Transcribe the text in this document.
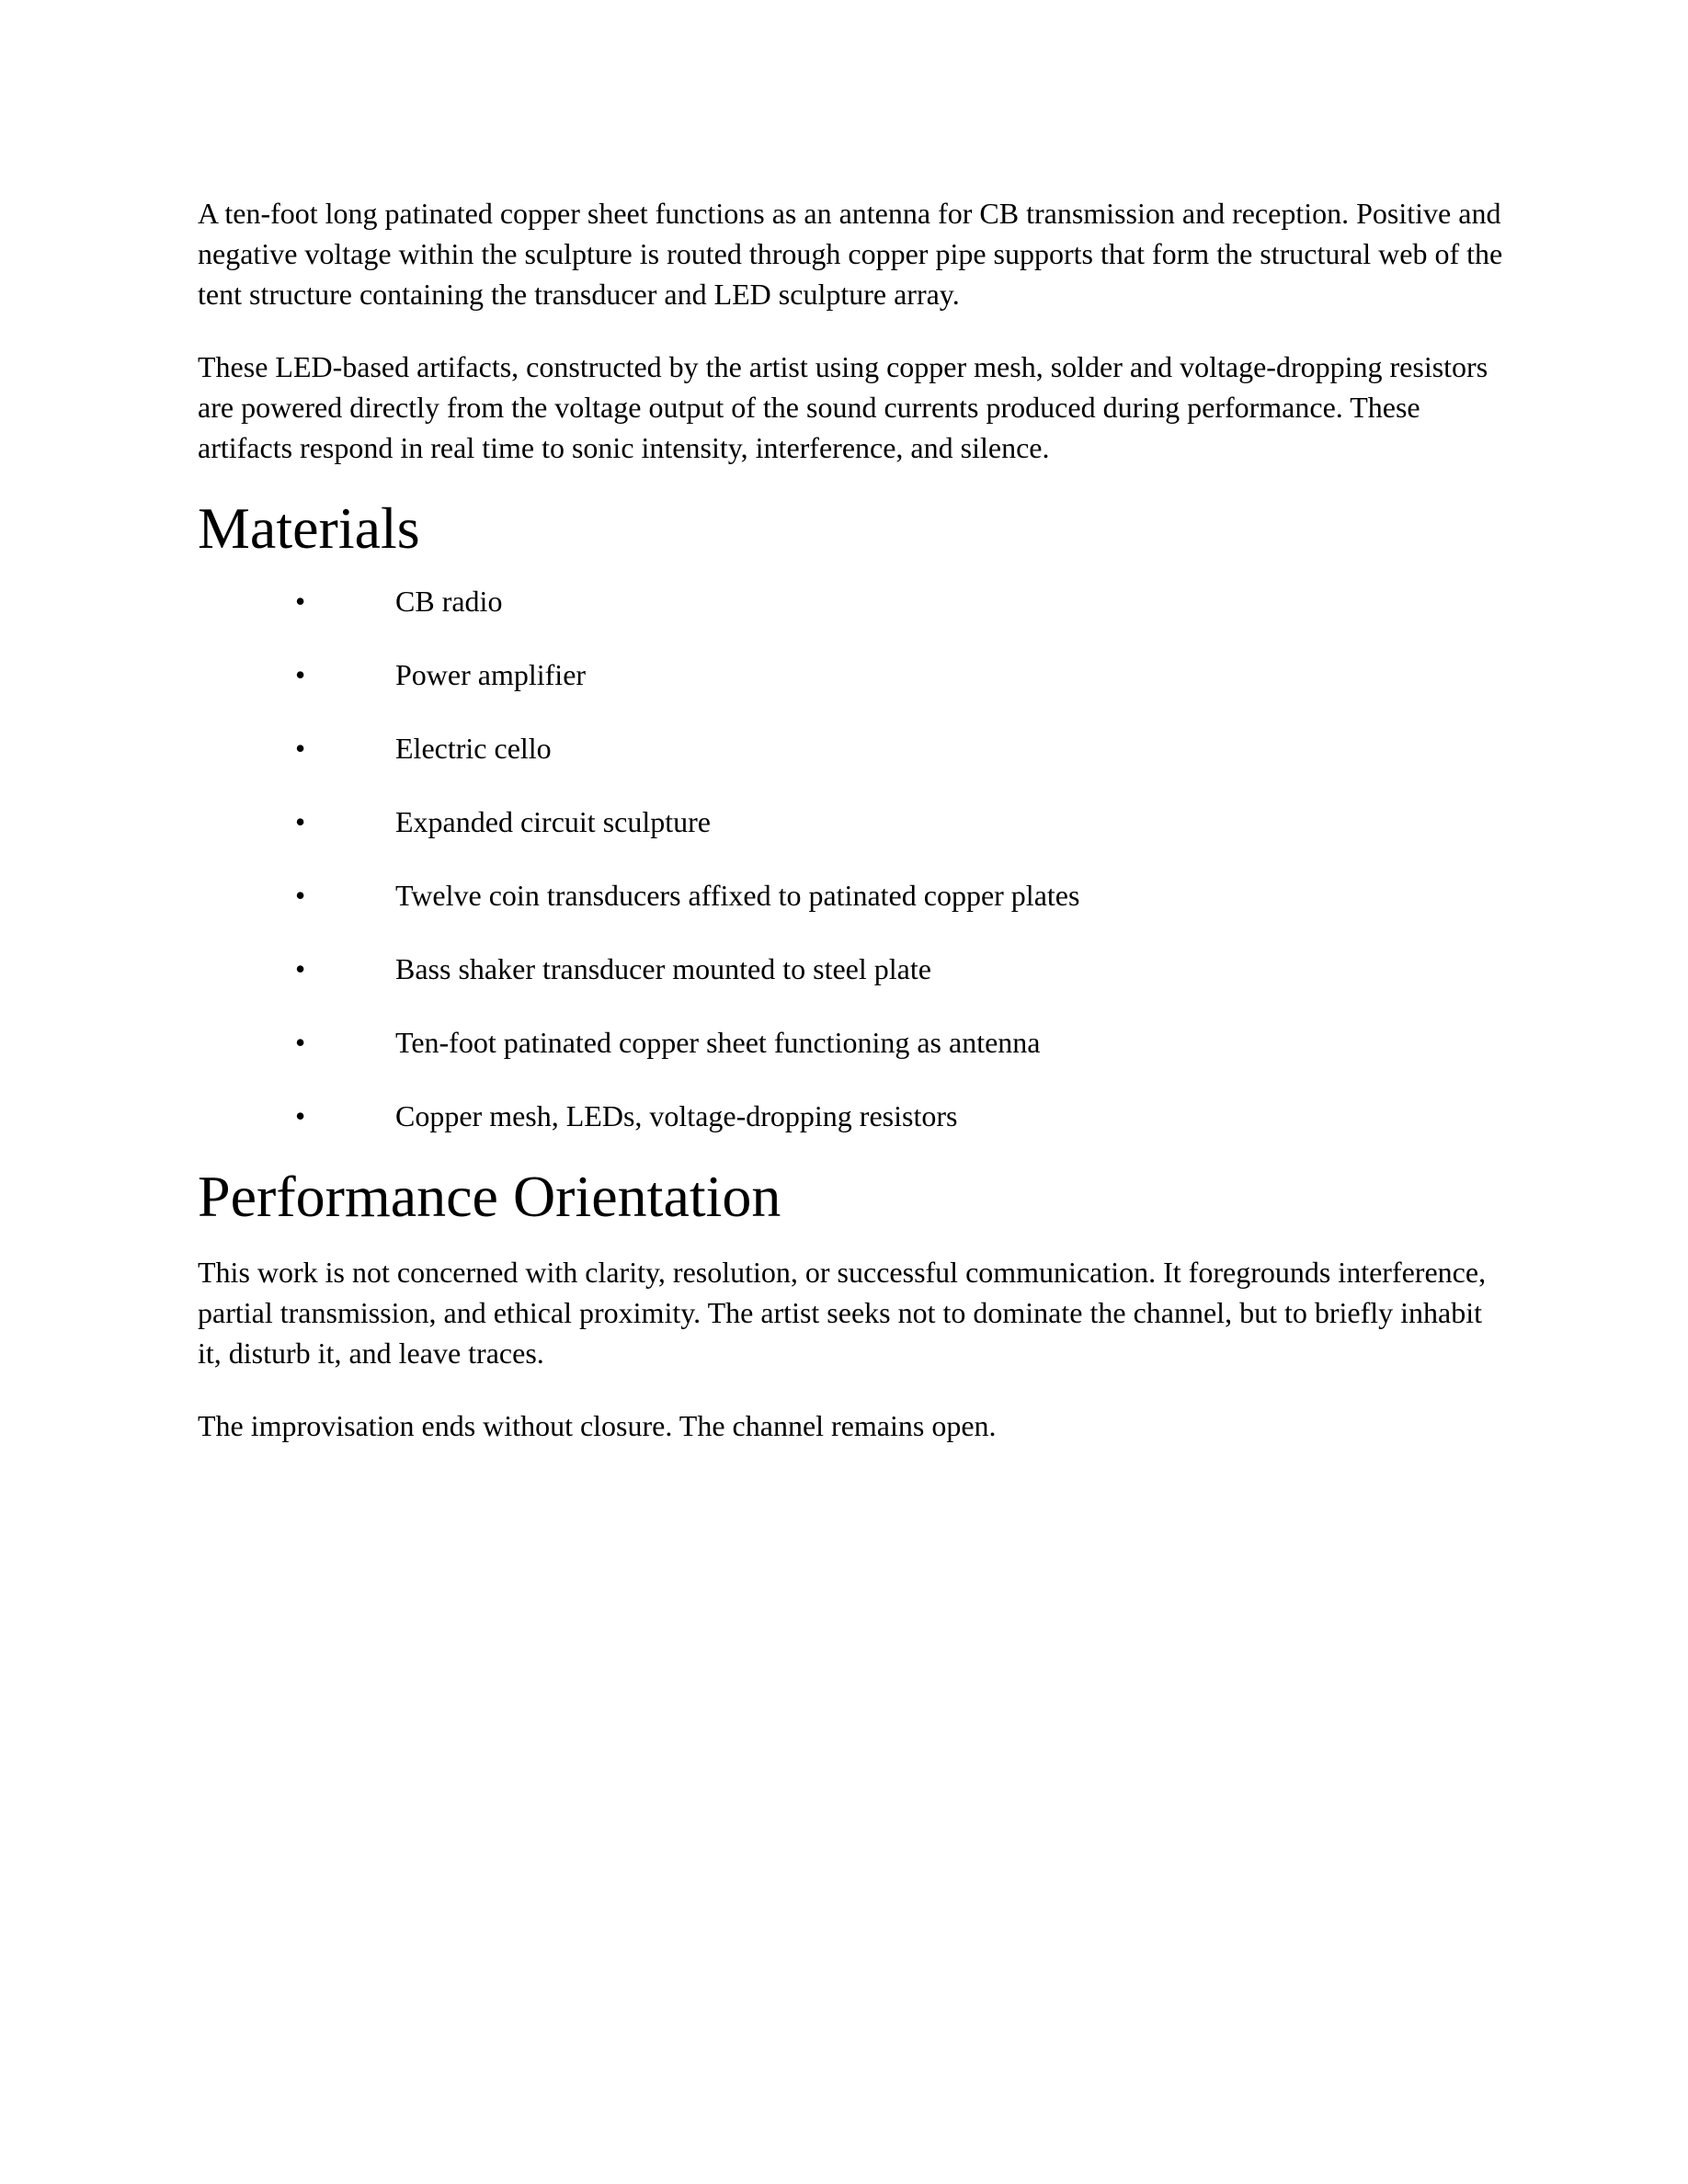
A ten-foot long patinated copper sheet functions as an antenna for CB transmission and reception. Positive and negative voltage within the sculpture is routed through copper pipe supports that form the structural web of the tent structure containing the transducer and LED sculpture array.

These LED-based artifacts, constructed by the artist using copper mesh, solder and voltage-dropping resistors are powered directly from the voltage output of the sound currents produced during performance. These artifacts respond in real time to sonic intensity, interference, and silence.

Materials
•	CB radio
•	Power amplifier
•	Electric cello
•	Expanded circuit sculpture
•	Twelve coin transducers affixed to patinated copper plates
•	Bass shaker transducer mounted to steel plate
•	Ten-foot patinated copper sheet functioning as antenna
•	Copper mesh, LEDs, voltage-dropping resistors
Performance Orientation

This work is not concerned with clarity, resolution, or successful communication. It foregrounds interference, partial transmission, and ethical proximity. The artist seeks not to dominate the channel, but to briefly inhabit it, disturb it, and leave traces.

The improvisation ends without closure. The channel remains open.
